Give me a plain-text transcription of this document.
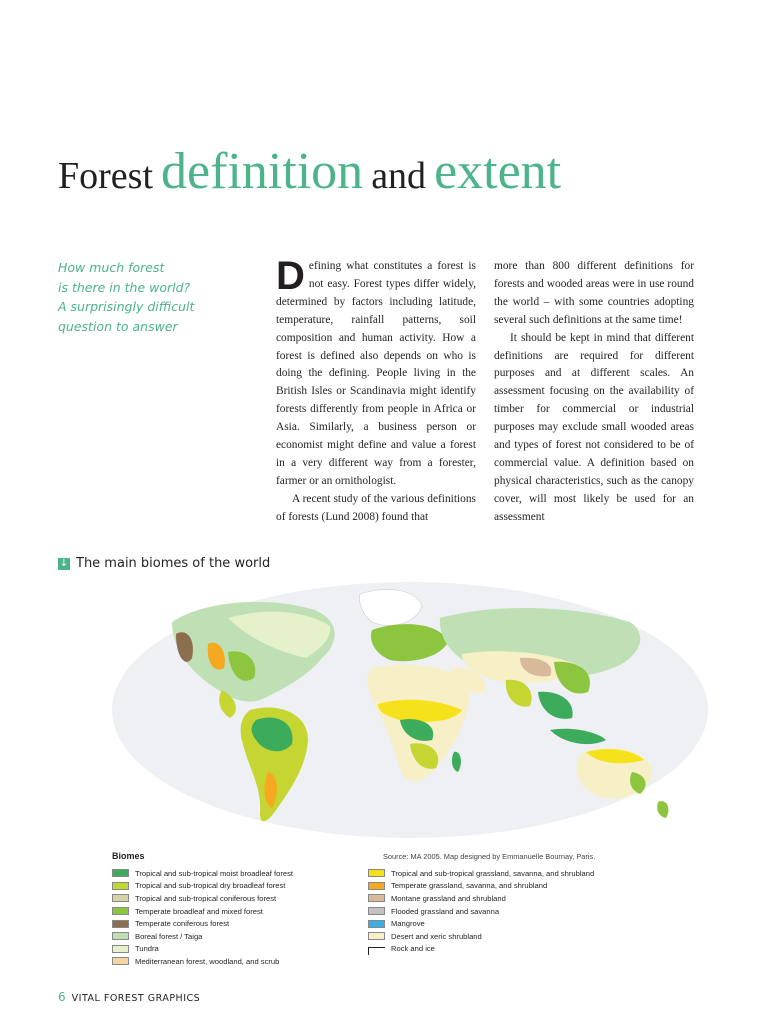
Forest definition and extent
How much forest
is there in the world?
A surprisingly difficult
question to answer

Defining what constitutes a forest is not easy. Forest types differ widely, determined by factors including latitude, temperature, rainfall patterns, soil composition and human activity. How a forest is defined also depends on who is doing the defining. People living in the British Isles or Scandinavia might identify forests differently from people in Africa or Asia. Similarly, a business person or economist might define and value a forest in a very different way from a forester, farmer or an ornithologist.

A recent study of the various definitions of forests (Lund 2008) found that

more than 800 different definitions for forests and wooded areas were in use round the world – with some countries adopting several such definitions at the same time!

It should be kept in mind that different definitions are required for different purposes and at different scales. An assessment focusing on the availability of timber for commercial or industrial purposes may exclude small wooded areas and types of forest not considered to be of commercial value. A definition based on physical characteristics, such as the canopy cover, will most likely be used for an assessment

↓ The main biomes of the world
Source: MA 2005. Map designed by Emmanuelle Bournay, Paris.
Biomes
Tropical and sub-tropical moist broadleaf forest
Tropical and sub-tropical dry broadleaf forest
Tropical and sub-tropical coniferous forest
Temperate broadleaf and mixed forest
Temperate coniferous forest
Boreal forest / Taiga
Tundra
Mediterranean forest, woodland, and scrub
Tropical and sub-tropical grassland, savanna, and shrubland
Temperate grassland, savanna, and shrubland
Montane grassland and shrubland
Flooded grassland and savanna
Mangrove
Desert and xeric shrubland
Rock and ice
6 VITAL FOREST GRAPHICS
